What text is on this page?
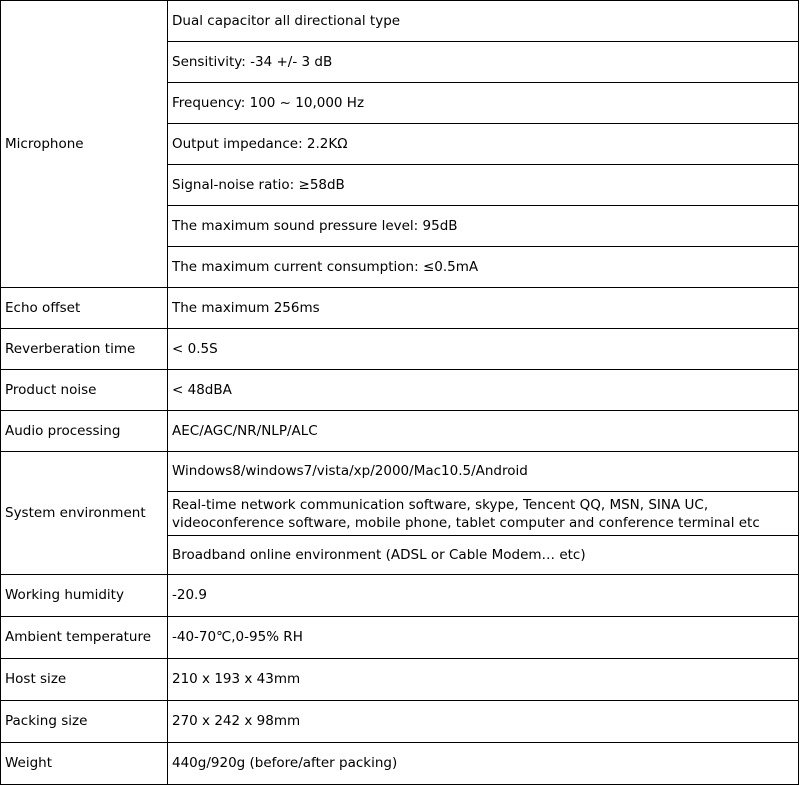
Microphone	Dual capacitor all directional type
	Sensitivity: -34 +/- 3 dB
	Frequency: 100 ~ 10,000 Hz
	Output impedance: 2.2KΩ
	Signal-noise ratio: ≥58dB
	The maximum sound pressure level: 95dB
	The maximum current consumption: ≤0.5mA
Echo offset	The maximum 256ms
Reverberation time	< 0.5S
Product noise	< 48dBA
Audio processing	AEC/AGC/NR/NLP/ALC
System environment	Windows8/windows7/vista/xp/2000/Mac10.5/Android
	Real-time network communication software, skype, Tencent QQ, MSN, SINA UC, videoconference software, mobile phone, tablet computer and conference terminal etc
	Broadband online environment (ADSL or Cable Modem… etc)
Working humidity	-20.9
Ambient temperature	-40-70℃,0-95% RH
Host size	210 x 193 x 43mm
Packing size	270 x 242 x 98mm
Weight	440g/920g (before/after packing)
